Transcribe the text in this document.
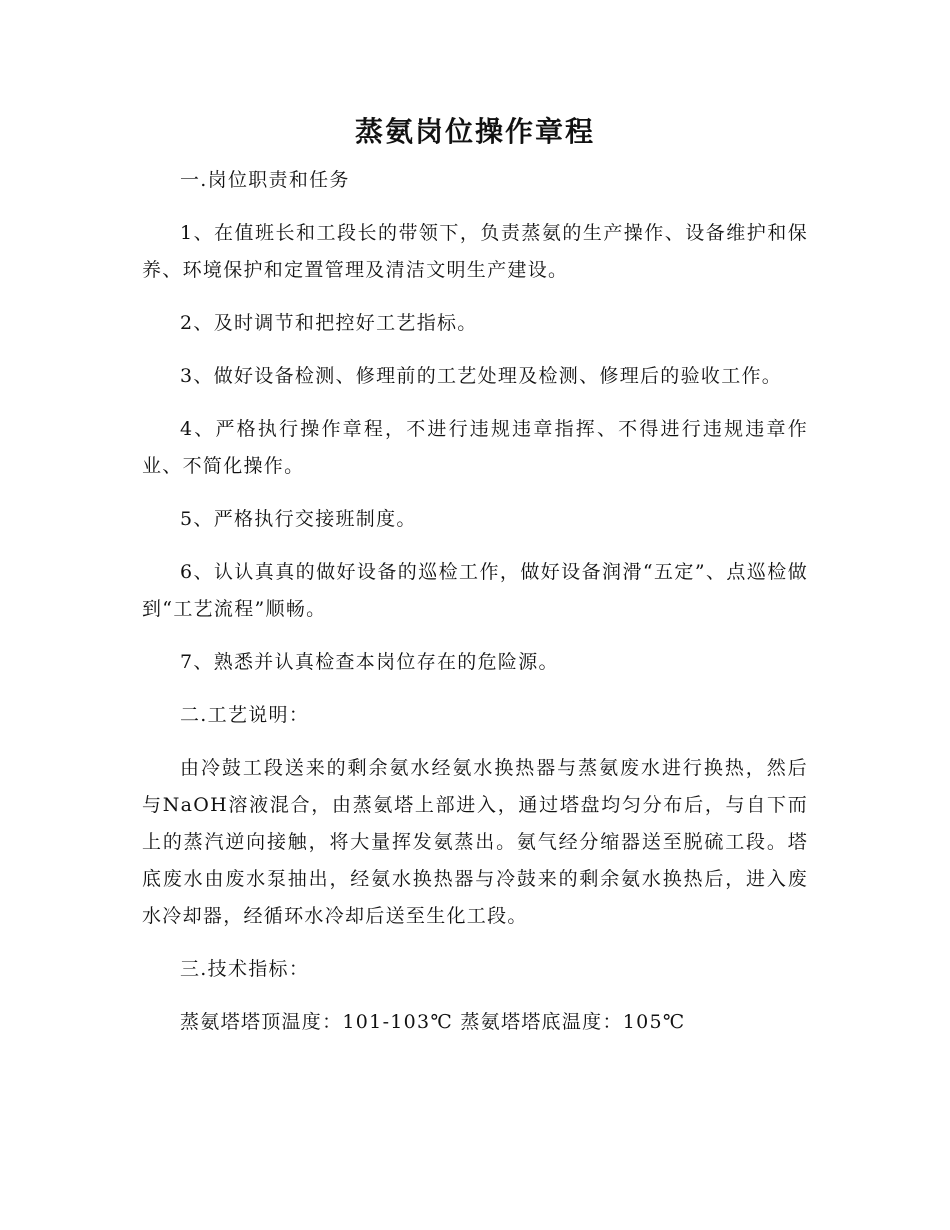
蒸氨岗位操作章程

一.岗位职责和任务

1、在值班长和工段长的带领下，负责蒸氨的生产操作、设备维护和保养、环境保护和定置管理及清洁文明生产建设。

2、及时调节和把控好工艺指标。

3、做好设备检测、修理前的工艺处理及检测、修理后的验收工作。

4、严格执行操作章程，不进行违规违章指挥、不得进行违规违章作业、不简化操作。

5、严格执行交接班制度。

6、认认真真的做好设备的巡检工作，做好设备润滑“五定”、点巡检做到“工艺流程”顺畅。

7、熟悉并认真检查本岗位存在的危险源。

二.工艺说明：

由冷鼓工段送来的剩余氨水经氨水换热器与蒸氨废水进行换热，然后与NaOH溶液混合，由蒸氨塔上部进入，通过塔盘均匀分布后，与自下而上的蒸汽逆向接触，将大量挥发氨蒸出。氨气经分缩器送至脱硫工段。塔底废水由废水泵抽出，经氨水换热器与冷鼓来的剩余氨水换热后，进入废水冷却器，经循环水冷却后送至生化工段。

三.技术指标：

蒸氨塔塔顶温度：101-103℃ 蒸氨塔塔底温度：105℃
